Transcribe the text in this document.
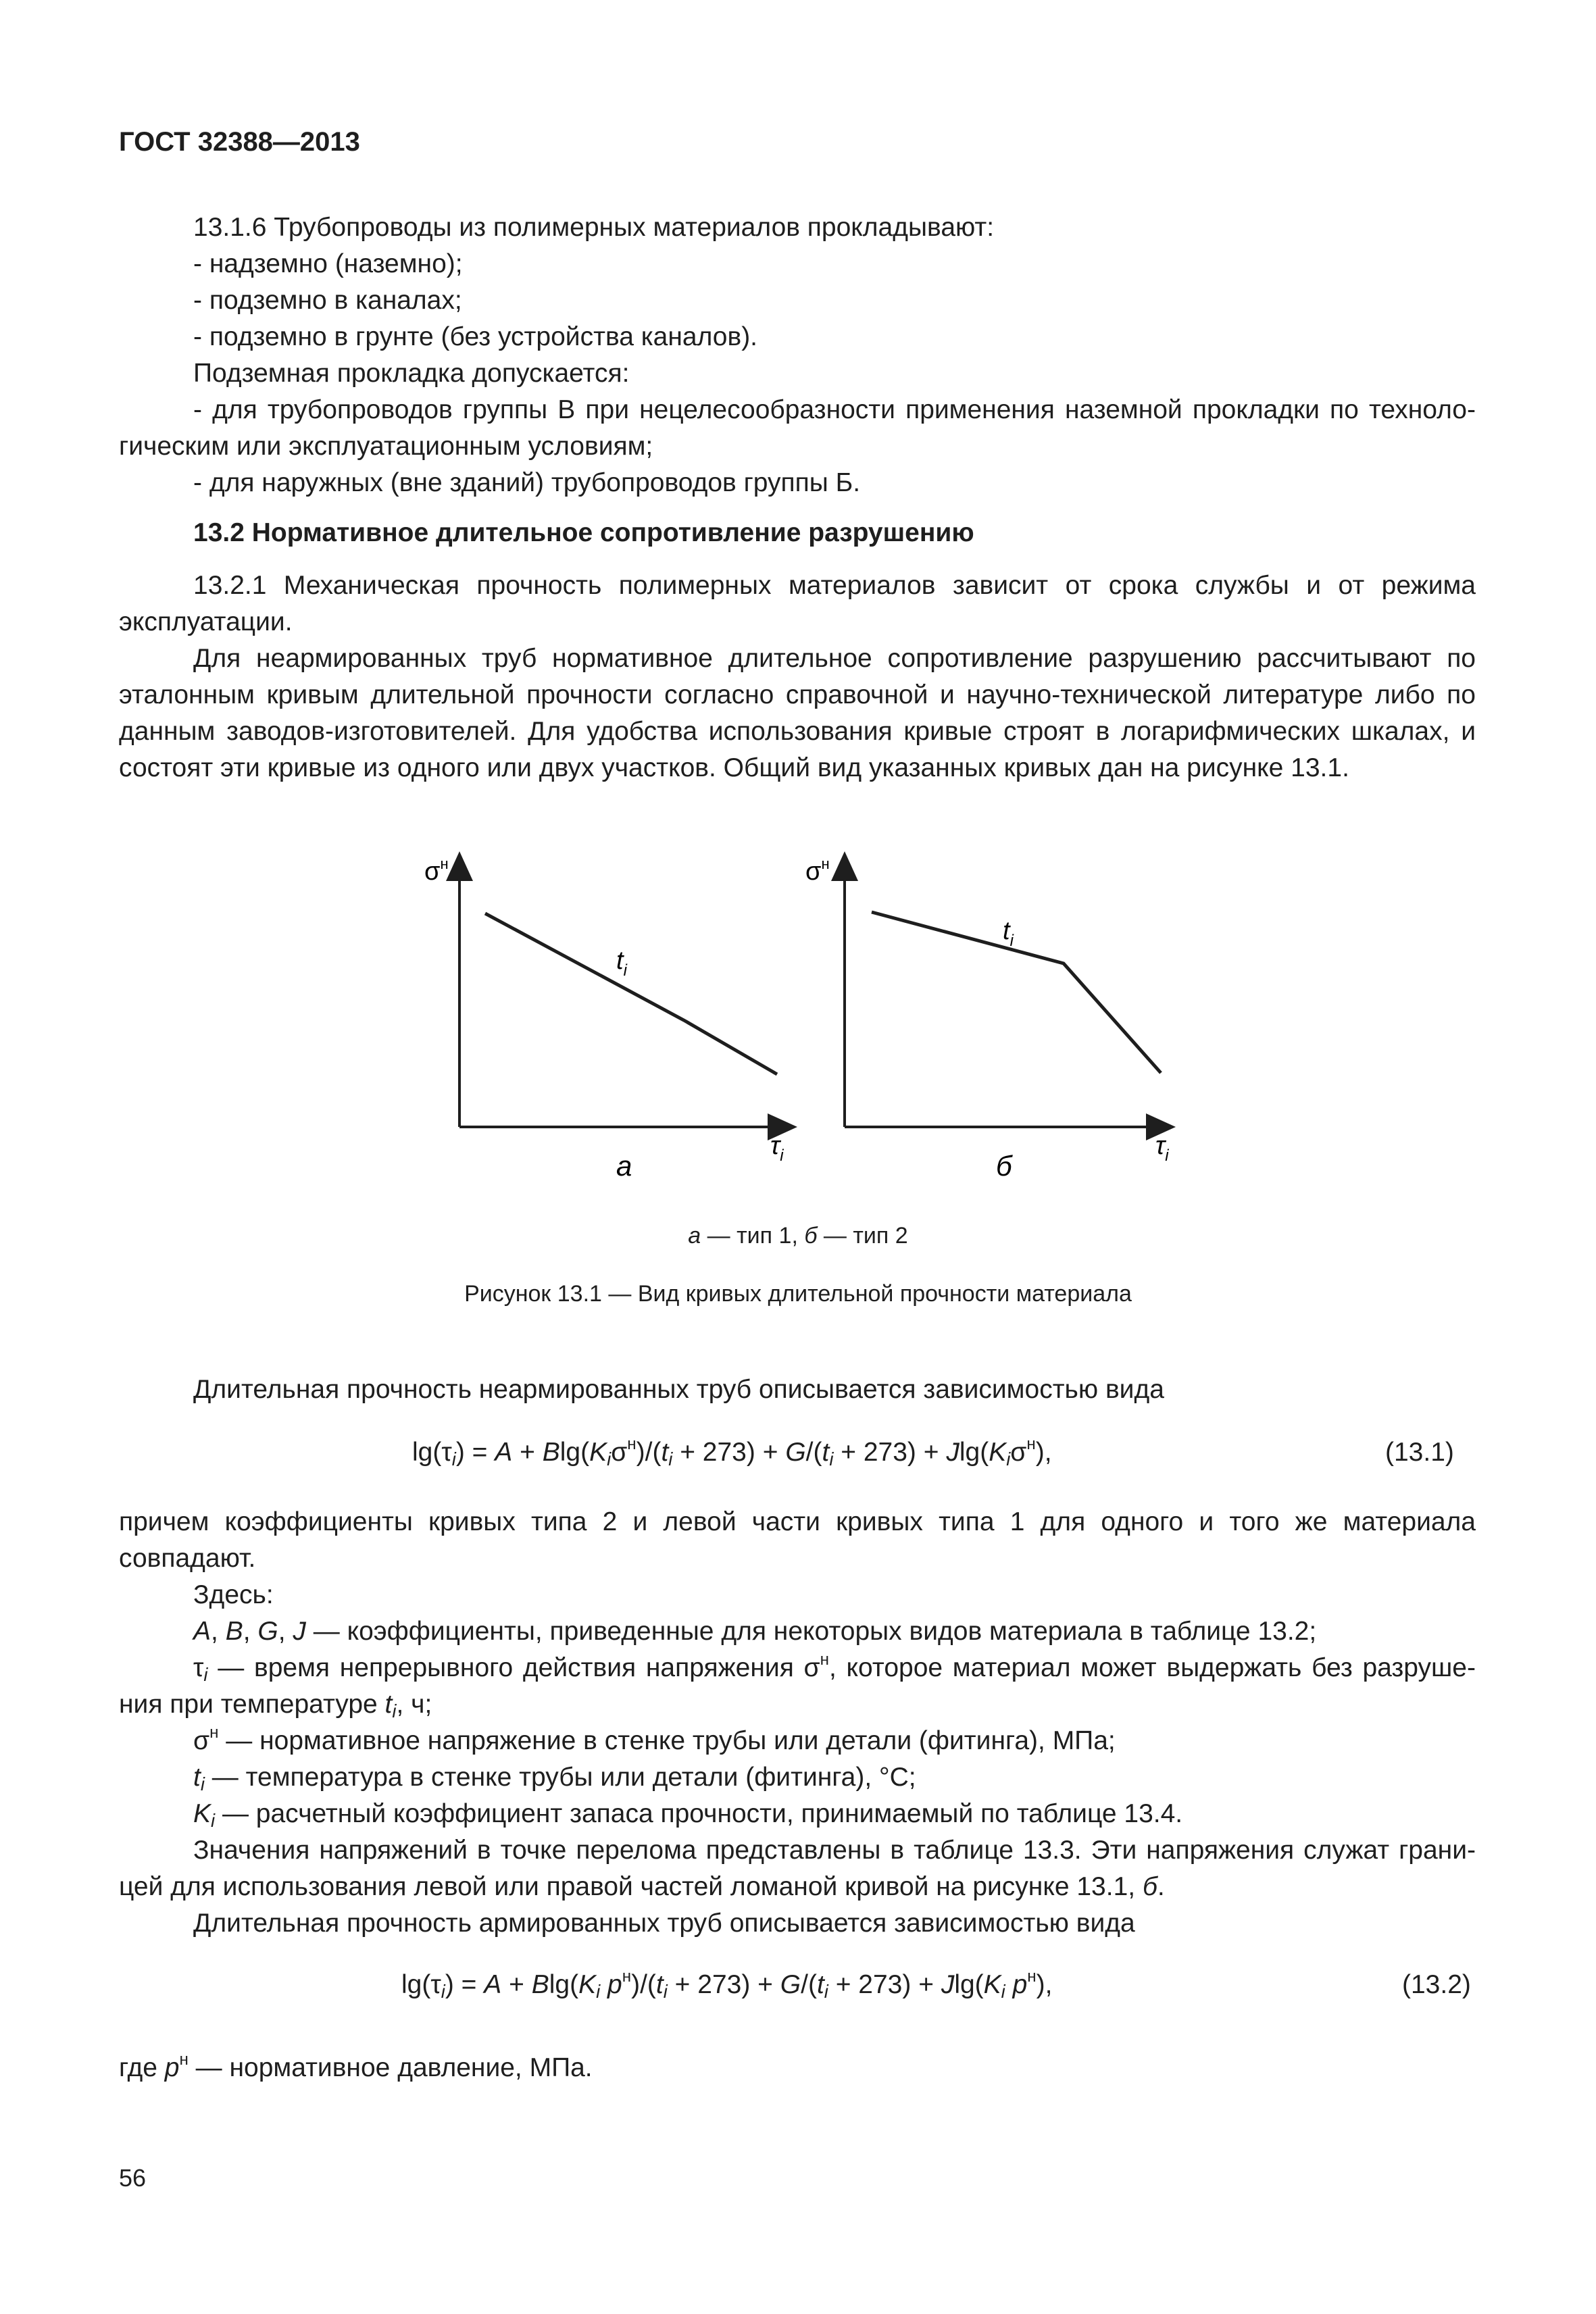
ГОСТ 32388—2013

13.1.6 Трубопроводы из полимерных материалов прокладывают:

- надземно (наземно);

- подземно в каналах;

- подземно в грунте (без устройства каналов).

Подземная прокладка допускается:

- для трубопроводов группы В при нецелесообразности применения наземной прокладки по технологическим или эксплуатационным условиям;

- для наружных (вне зданий) трубопроводов группы Б.

13.2 Нормативное длительное сопротивление разрушению

13.2.1 Механическая прочность полимерных материалов зависит от срока службы и от режима эксплуатации.

Для неармированных труб нормативное длительное сопротивление разрушению рассчитывают по эталонным кривым длительной прочности согласно справочной и научно-технической литературе либо по данным заводов-изготовителей. Для удобства использования кривые строят в логарифмических шкалах, и состоят эти кривые из одного или двух участков. Общий вид указанных кривых дан на рисунке 13.1.

$\sigma^н$
$\tau_i$
$t_i$
а
$\sigma^н$
$\tau_i$
$t_i$
б
а — тип 1, б — тип 2
Рисунок 13.1 — Вид кривых длительной прочности материала

Длительная прочность неармированных труб описывается зависимостью вида

$\lg(\tau_i) = A + Blg(K_i\sigma^н)/(t_i + 273) + G/(t_i + 273) + Jlg(K_i\sigma^н)$,	(13.1)

причем коэффициенты кривых типа 2 и левой части кривых типа 1 для одного и того же материала совпадают.

Здесь:

A, B, G, J — коэффициенты, приведенные для некоторых видов материала в таблице 13.2;

$\tau_i$ — время непрерывного действия напряжения $\sigma^н$, которое материал может выдержать без разрушения при температуре $t_i$, ч;

$\sigma^н$ — нормативное напряжение в стенке трубы или детали (фитинга), МПа;

$t_i$ — температура в стенке трубы или детали (фитинга), °С;

$K_i$ — расчетный коэффициент запаса прочности, принимаемый по таблице 13.4.

Значения напряжений в точке перелома представлены в таблице 13.3. Эти напряжения служат границей для использования левой или правой частей ломаной кривой на рисунке 13.1, б.

Длительная прочность армированных труб описывается зависимостью вида

$\lg(\tau_i) = A + Blg(K_i$ $p^н)/(t_i + 273) + G/(t_i + 273) + Jlg(K_i$ $p^н$),	(13.2)

где $p^н$ — нормативное давление, МПа.

56
